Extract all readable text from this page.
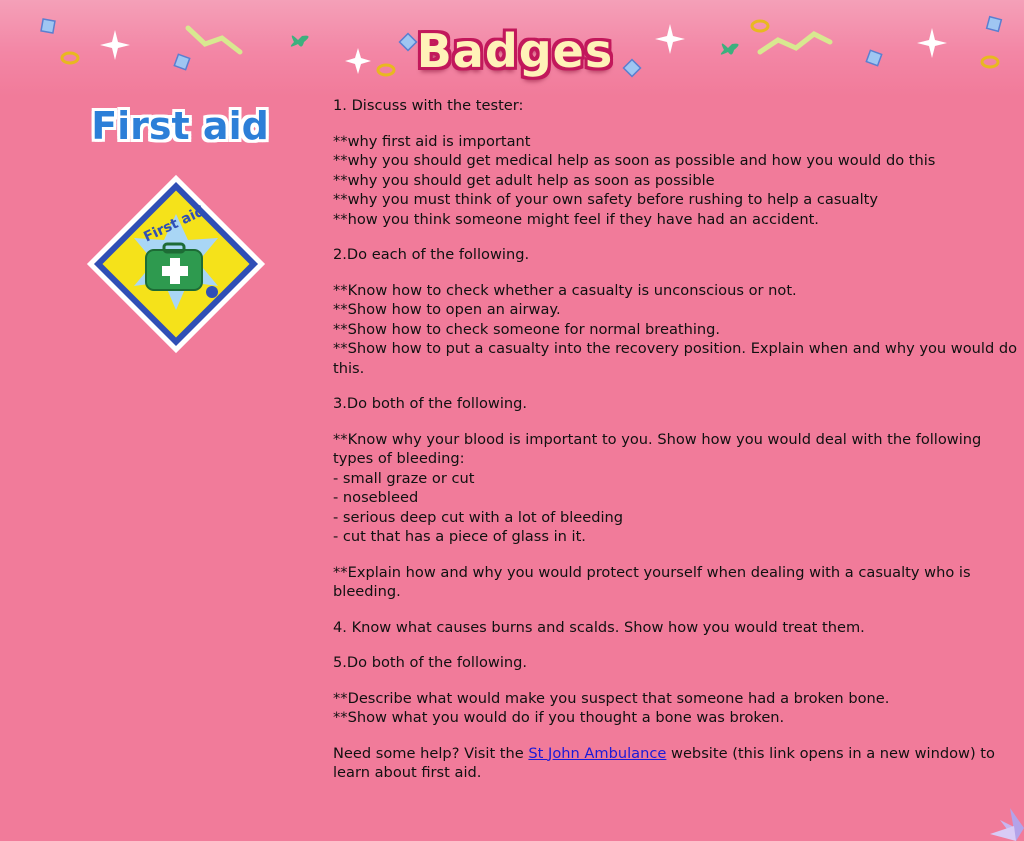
Badges
First aid
First aid

1. Discuss with the tester:

**why first aid is important
**why you should get medical help as soon as possible and how you would do this
**why you should get adult help as soon as possible
**why you must think of your own safety before rushing to help a casualty
**how you think someone might feel if they have had an accident.

2.Do each of the following.

**Know how to check whether a casualty is unconscious or not.
**Show how to open an airway.
**Show how to check someone for normal breathing.
**Show how to put a casualty into the recovery position. Explain when and why you would do this.

3.Do both of the following.

**Know why your blood is important to you. Show how you would deal with the following types of bleeding:
- small graze or cut
- nosebleed
- serious deep cut with a lot of bleeding
- cut that has a piece of glass in it.

**Explain how and why you would protect yourself when dealing with a casualty who is bleeding.

4. Know what causes burns and scalds. Show how you would treat them.

5.Do both of the following.

**Describe what would make you suspect that someone had a broken bone.
**Show what you would do if you thought a bone was broken.

Need some help? Visit the St John Ambulance website (this link opens in a new window) to learn about first aid.
